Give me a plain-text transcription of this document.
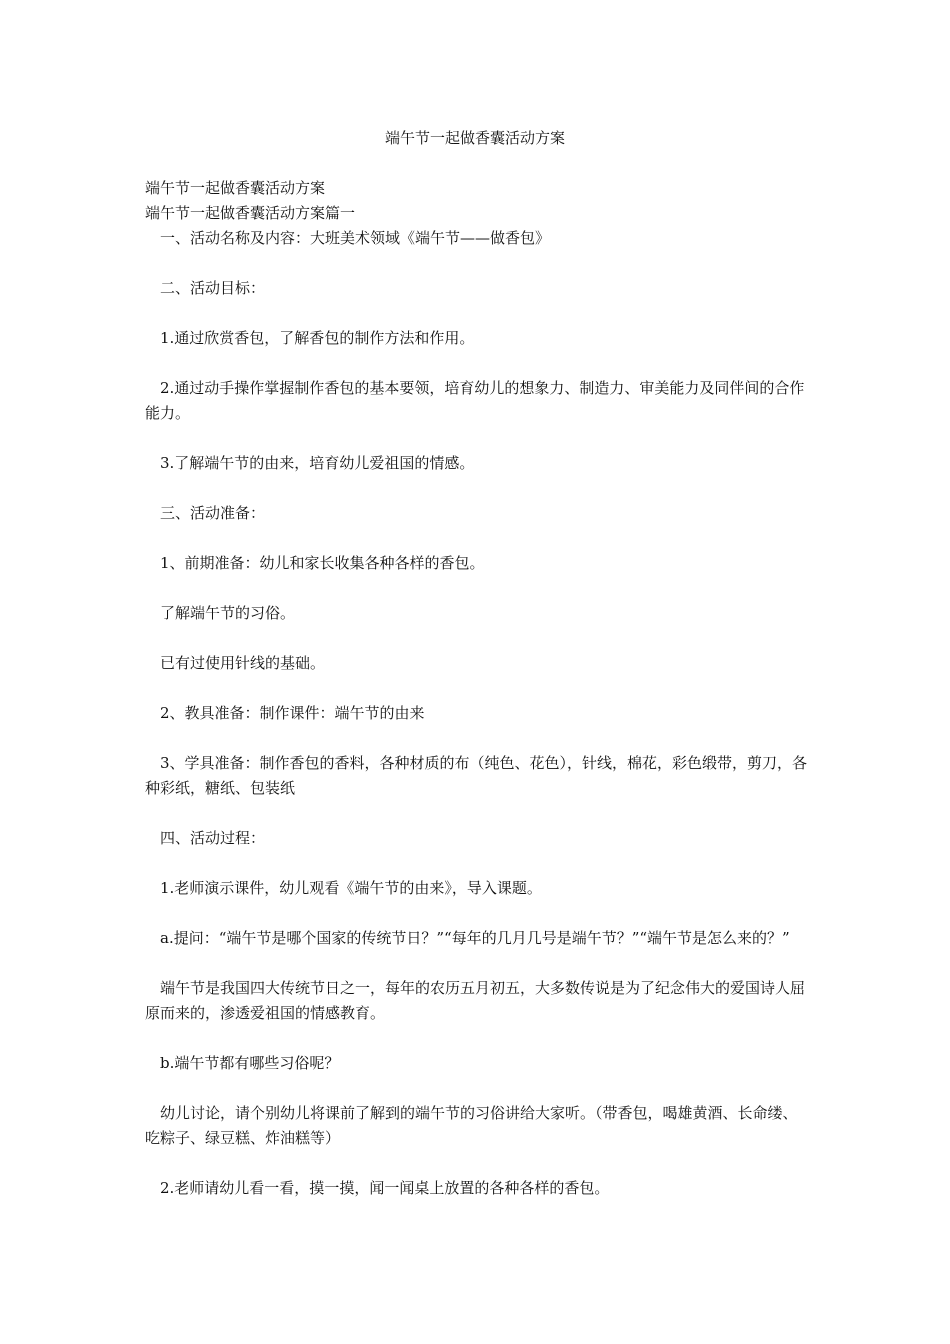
端午节一起做香囊活动方案

端午节一起做香囊活动方案

端午节一起做香囊活动方案篇一

一、活动名称及内容：大班美术领域《端午节——做香包》

二、活动目标：

1.通过欣赏香包，了解香包的制作方法和作用。

2.通过动手操作掌握制作香包的基本要领，培育幼儿的想象力、制造力、审美能力及同伴间的合作能力。

3.了解端午节的由来，培育幼儿爱祖国的情感。

三、活动准备：

1、前期准备：幼儿和家长收集各种各样的香包。

了解端午节的习俗。

已有过使用针线的基础。

2、教具准备：制作课件：端午节的由来

3、学具准备：制作香包的香料，各种材质的布（纯色、花色），针线，棉花，彩色缎带，剪刀，各种彩纸，糖纸、包装纸

四、活动过程：

1.老师演示课件，幼儿观看《端午节的由来》，导入课题。

a.提问：“端午节是哪个国家的传统节日？”“每年的几月几号是端午节？”“端午节是怎么来的？”

端午节是我国四大传统节日之一，每年的农历五月初五，大多数传说是为了纪念伟大的爱国诗人屈原而来的，渗透爱祖国的情感教育。

b.端午节都有哪些习俗呢？

幼儿讨论，请个别幼儿将课前了解到的端午节的习俗讲给大家听。（带香包，喝雄黄酒、长命缕、吃粽子、绿豆糕、炸油糕等）

2.老师请幼儿看一看，摸一摸，闻一闻桌上放置的各种各样的香包。
